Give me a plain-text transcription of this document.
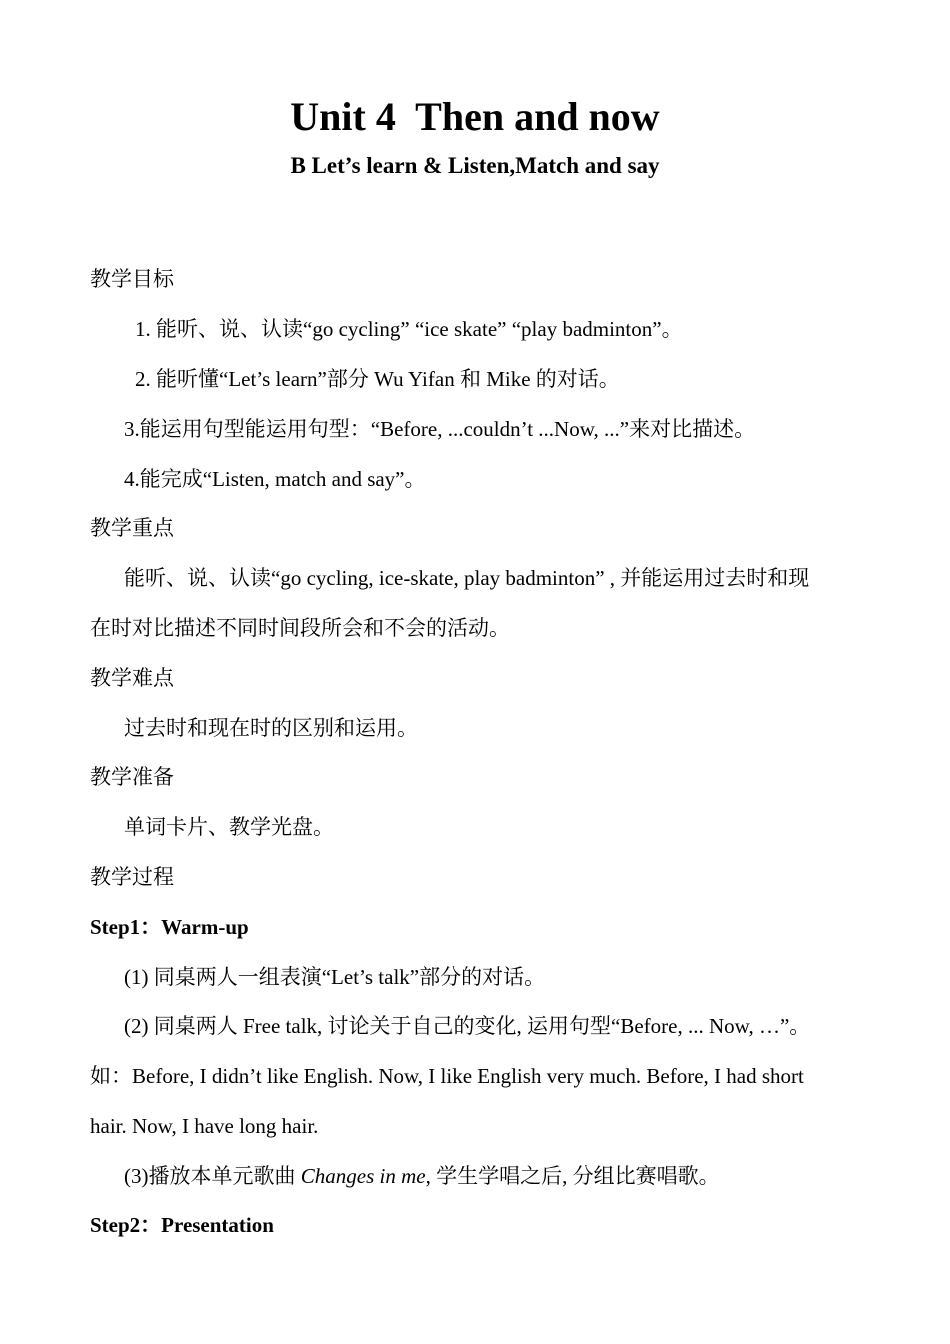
Unit 4  Then and now
B Let’s learn & Listen,Match and say
教学目标
1. 能听、说、认读“go cycling” “ice skate” “play badminton”。
2. 能听懂“Let’s learn”部分 Wu Yifan 和 Mike 的对话。
3.能运用句型能运用句型：“Before, ...couldn’t ...Now, ...”来对比描述。
4.能完成“Listen, match and say”。
教学重点
能听、说、认读“go cycling, ice-skate, play badminton” , 并能运用过去时和现
在时对比描述不同时间段所会和不会的活动。
教学难点
过去时和现在时的区别和运用。
教学准备
单词卡片、教学光盘。
教学过程
Step1：Warm-up
(1) 同桌两人一组表演“Let’s talk”部分的对话。
(2) 同桌两人 Free talk, 讨论关于自己的变化, 运用句型“Before, ... Now, …”。
如：Before, I didn’t like English. Now, I like English very much. Before, I had short
hair. Now, I have long hair.
(3)播放本单元歌曲 Changes in me, 学生学唱之后, 分组比赛唱歌。
Step2：Presentation
